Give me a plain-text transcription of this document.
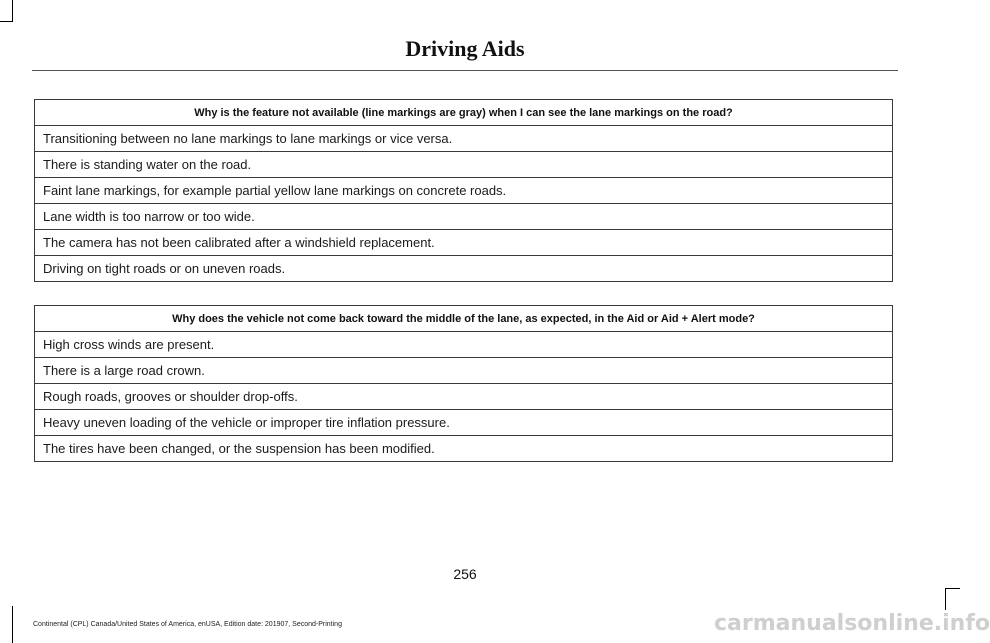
Driving Aids
Why is the feature not available (line markings are gray) when I can see the lane markings on the road?
Transitioning between no lane markings to lane markings or vice versa.
There is standing water on the road.
Faint lane markings, for example partial yellow lane markings on concrete roads.
Lane width is too narrow or too wide.
The camera has not been calibrated after a windshield replacement.
Driving on tight roads or on uneven roads.
Why does the vehicle not come back toward the middle of the lane, as expected, in the Aid or Aid + Alert mode?
High cross winds are present.
There is a large road crown.
Rough roads, grooves or shoulder drop-offs.
Heavy uneven loading of the vehicle or improper tire inflation pressure.
The tires have been changed, or the suspension has been modified.
256
Continental (CPL) Canada/United States of America, enUSA, Edition date: 201907, Second-Printing	carmanualsonline.info
